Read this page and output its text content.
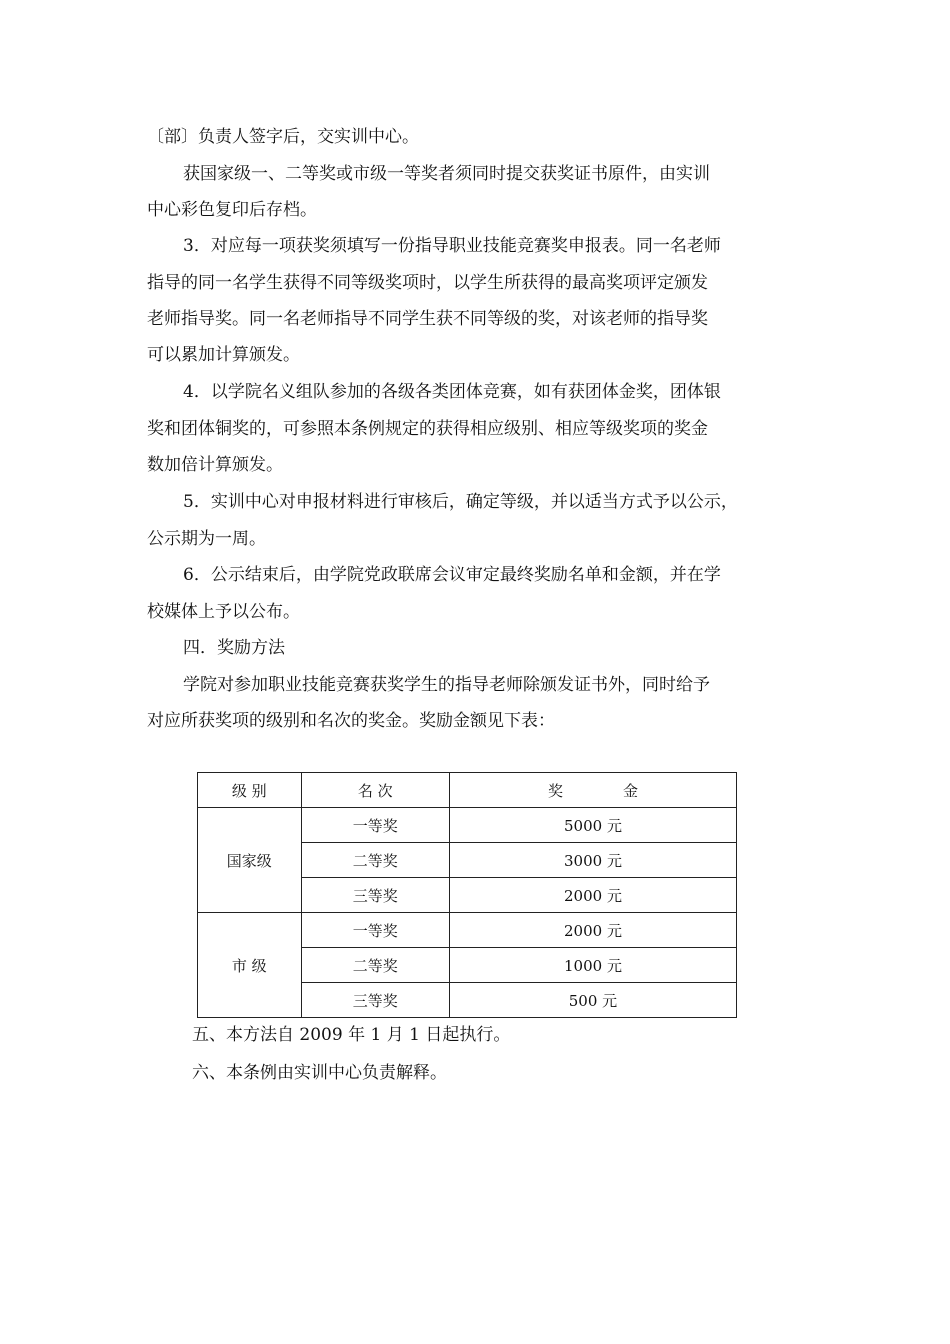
〔部〕负责人签字后，交实训中心。
获国家级一、二等奖或市级一等奖者须同时提交获奖证书原件，由实训
中心彩色复印后存档。
3．对应每一项获奖须填写一份指导职业技能竞赛奖申报表。同一名老师
指导的同一名学生获得不同等级奖项时，以学生所获得的最高奖项评定颁发
老师指导奖。同一名老师指导不同学生获不同等级的奖，对该老师的指导奖
可以累加计算颁发。
4．以学院名义组队参加的各级各类团体竞赛，如有获团体金奖，团体银
奖和团体铜奖的，可参照本条例规定的获得相应级别、相应等级奖项的奖金
数加倍计算颁发。
5．实训中心对申报材料进行审核后，确定等级，并以适当方式予以公示，
公示期为一周。
6．公示结束后，由学院党政联席会议审定最终奖励名单和金额，并在学
校媒体上予以公布。
四．奖励方法
学院对参加职业技能竞赛获奖学生的指导老师除颁发证书外，同时给予
对应所获奖项的级别和名次的奖金。奖励金额见下表：
级 别	名 次	奖　　　　金
国家级	一等奖	5000 元
	二等奖	3000 元
	三等奖	2000 元
市 级	一等奖	2000 元
	二等奖	1000 元
	三等奖	500 元
五、本方法自 2009 年 1 月 1 日起执行。
六、本条例由实训中心负责解释。
